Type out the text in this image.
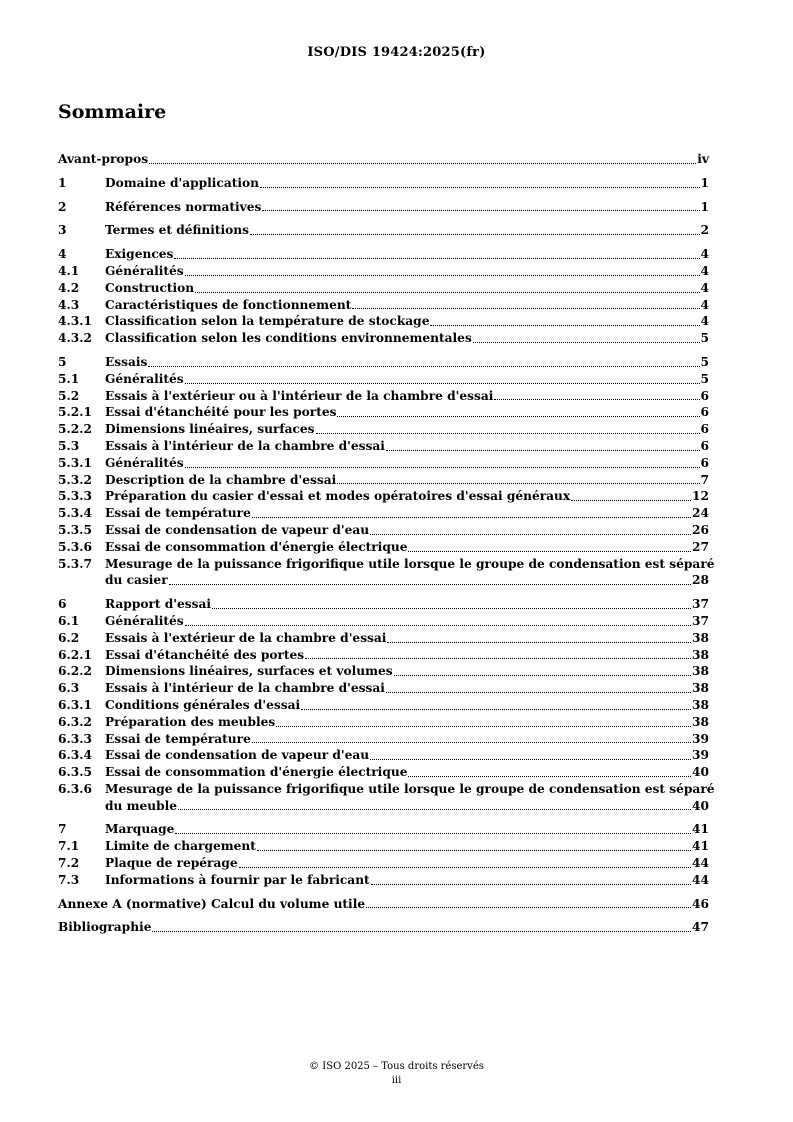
ISO/DIS 19424:2025(fr)
Sommaire
Avant-propos	iv
1	Domaine d'application	1
2	Références normatives	1
3	Termes et définitions	2
4	Exigences	4
4.1	Généralités	4
4.2	Construction	4
4.3	Caractéristiques de fonctionnement	4
4.3.1	Classification selon la température de stockage	4
4.3.2	Classification selon les conditions environnementales	5
5	Essais	5
5.1	Généralités	5
5.2	Essais à l'extérieur ou à l'intérieur de la chambre d'essai	6
5.2.1	Essai d'étanchéité pour les portes	6
5.2.2	Dimensions linéaires, surfaces	6
5.3	Essais à l'intérieur de la chambre d'essai	6
5.3.1	Généralités	6
5.3.2	Description de la chambre d'essai	7
5.3.3	Préparation du casier d'essai et modes opératoires d'essai généraux	12
5.3.4	Essai de température	24
5.3.5	Essai de condensation de vapeur d'eau	26
5.3.6	Essai de consommation d'énergie électrique	27
5.3.7	Mesurage de la puissance frigorifique utile lorsque le groupe de condensation est séparé
du casier	28
6	Rapport d'essai	37
6.1	Généralités	37
6.2	Essais à l'extérieur de la chambre d'essai	38
6.2.1	Essai d'étanchéité des portes	38
6.2.2	Dimensions linéaires, surfaces et volumes	38
6.3	Essais à l'intérieur de la chambre d'essai	38
6.3.1	Conditions générales d'essai	38
6.3.2	Préparation des meubles	38
6.3.3	Essai de température	39
6.3.4	Essai de condensation de vapeur d'eau	39
6.3.5	Essai de consommation d'énergie électrique	40
6.3.6	Mesurage de la puissance frigorifique utile lorsque le groupe de condensation est séparé
du meuble	40
7	Marquage	41
7.1	Limite de chargement	41
7.2	Plaque de repérage	44
7.3	Informations à fournir par le fabricant	44
Annexe A (normative) Calcul du volume utile	46
Bibliographie	47
© ISO 2025 – Tous droits réservés
iii
